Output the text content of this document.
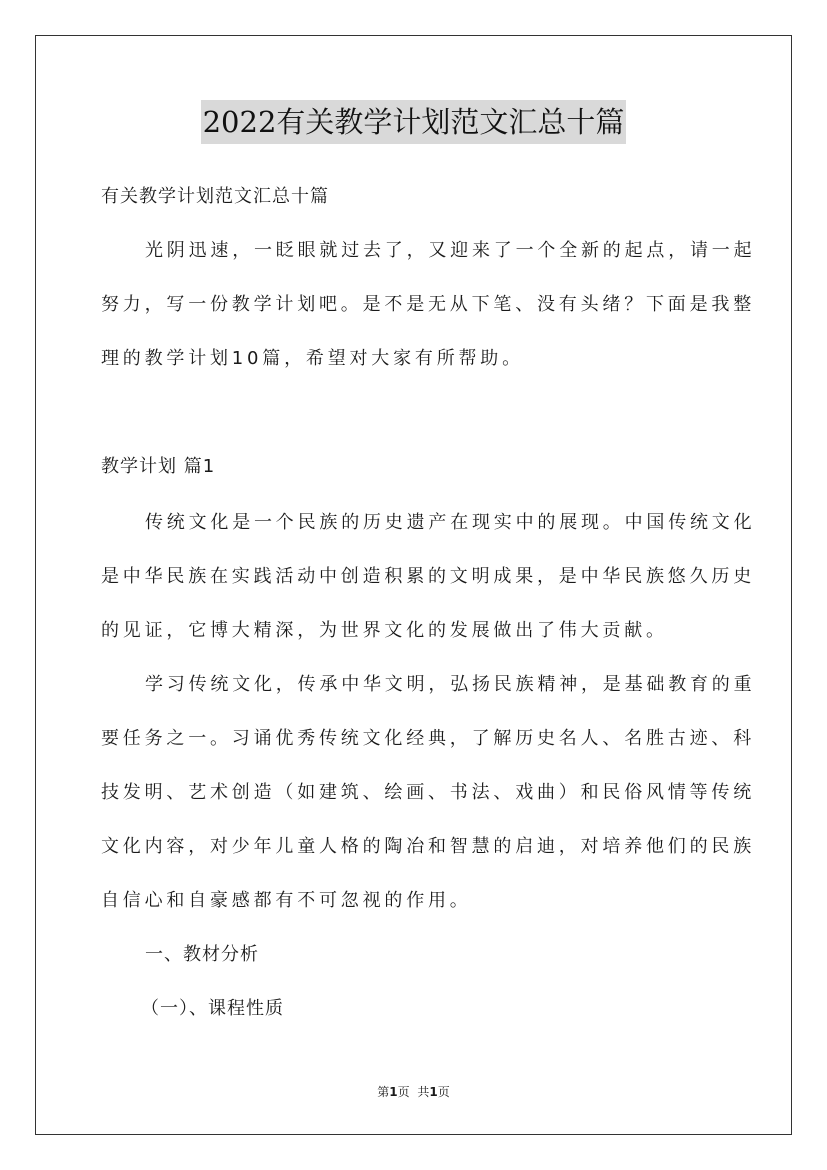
2022有关教学计划范文汇总十篇
有关教学计划范文汇总十篇
光阴迅速，一眨眼就过去了，又迎来了一个全新的起点，请一起
努力，写一份教学计划吧。是不是无从下笔、没有头绪？下面是我整
理的教学计划10篇，希望对大家有所帮助。
教学计划 篇1
传统文化是一个民族的历史遗产在现实中的展现。中国传统文化
是中华民族在实践活动中创造积累的文明成果，是中华民族悠久历史
的见证，它博大精深，为世界文化的发展做出了伟大贡献。
学习传统文化，传承中华文明，弘扬民族精神，是基础教育的重
要任务之一。习诵优秀传统文化经典，了解历史名人、名胜古迹、科
技发明、艺术创造（如建筑、绘画、书法、戏曲）和民俗风情等传统
文化内容，对少年儿童人格的陶冶和智慧的启迪，对培养他们的民族
自信心和自豪感都有不可忽视的作用。
一、教材分析
（一）、课程性质
第1页 共1页
